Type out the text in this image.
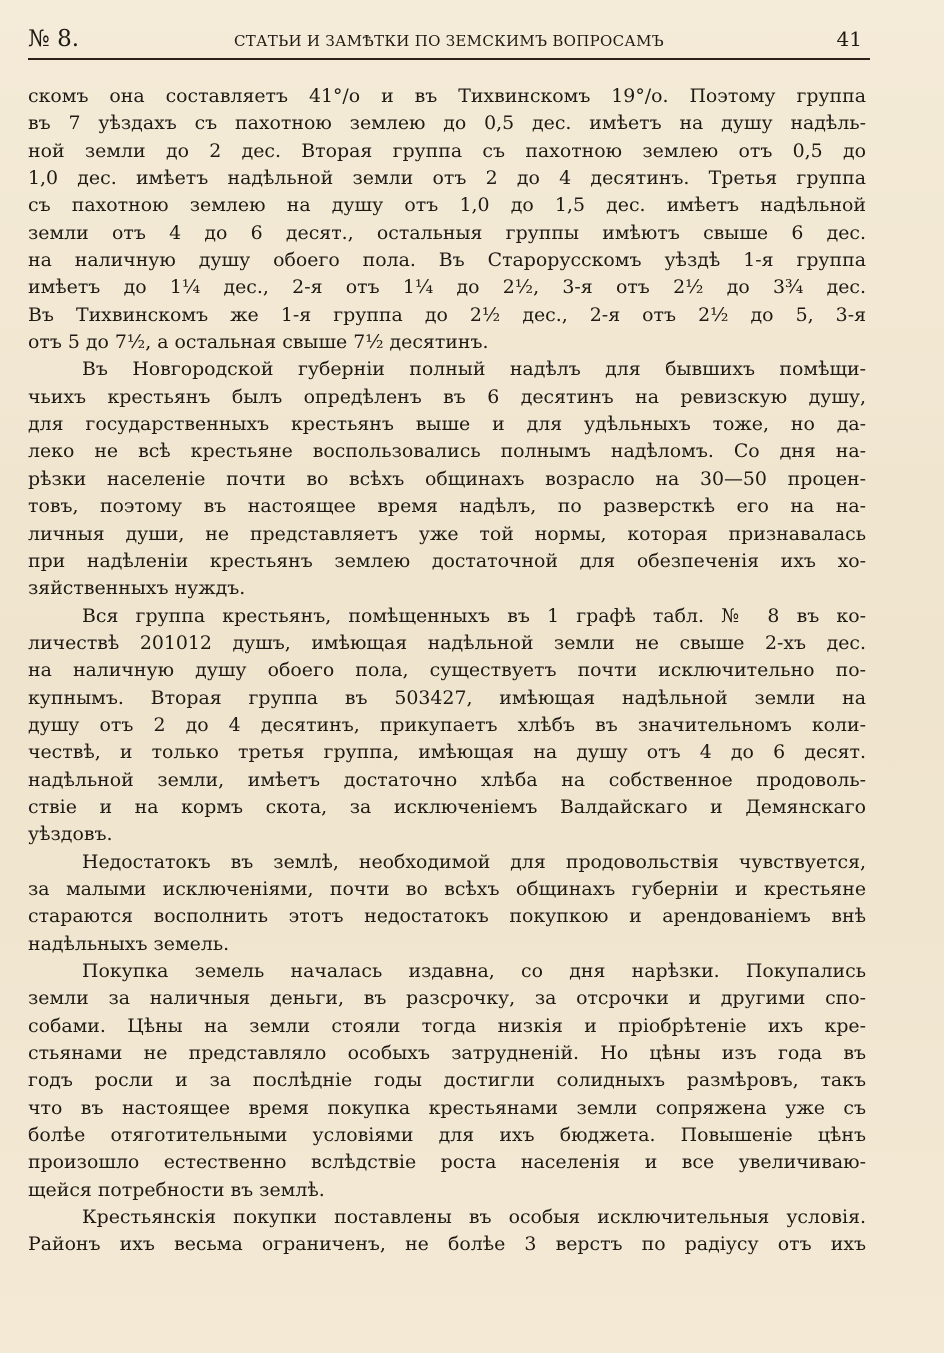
№ 8.	СТАТЬИ И ЗАМѢТКИ ПО ЗЕМСКИМЪ ВОПРОСАМЪ	41
скомъ она составляетъ 41°/о и въ Тихвинскомъ 19°/о. Поэтому группа
въ 7 уѣздахъ съ пахотною землею до 0,5 дес. имѣетъ на душу надѣль-
ной земли до 2 дес. Вторая группа съ пахотною землею отъ 0,5 до
1,0 дес. имѣетъ надѣльной земли отъ 2 до 4 десятинъ. Третья группа
съ пахотною землею на душу отъ 1,0 до 1,5 дес. имѣетъ надѣльной
земли отъ 4 до 6 десят., остальныя группы имѣютъ свыше 6 дес.
на наличную душу обоего пола. Въ Старорусскомъ уѣздѣ 1-я группа
имѣетъ до 1¼ дес., 2-я отъ 1¼ до 2½, 3-я отъ 2½ до 3¾ дес.
Въ Тихвинскомъ же 1-я группа до 2½ дес., 2-я отъ 2½ до 5, 3-я
отъ 5 до 7½, а остальная свыше 7½ десятинъ.
Въ Новгородской губерніи полный надѣлъ для бывшихъ помѣщи-
чьихъ крестьянъ былъ опредѣленъ въ 6 десятинъ на ревизскую душу,
для государственныхъ крестьянъ выше и для удѣльныхъ тоже, но да-
леко не всѣ крестьяне воспользовались полнымъ надѣломъ. Со дня на-
рѣзки населеніе почти во всѣхъ общинахъ возрасло на 30—50 процен-
товъ, поэтому въ настоящее время надѣлъ, по разверсткѣ его на на-
личныя души, не представляетъ уже той нормы, которая признавалась
при надѣленіи крестьянъ землею достаточной для обезпеченія ихъ хо-
зяйственныхъ нуждъ.
Вся группа крестьянъ, помѣщенныхъ въ 1 графѣ табл. № 8 въ ко-
личествѣ 201012 душъ, имѣющая надѣльной земли не свыше 2-хъ дес.
на наличную душу обоего пола, существуетъ почти исключительно по-
купнымъ. Вторая группа въ 503427, имѣющая надѣльной земли на
душу отъ 2 до 4 десятинъ, прикупаетъ хлѣбъ въ значительномъ коли-
чествѣ, и только третья группа, имѣющая на душу отъ 4 до 6 десят.
надѣльной земли, имѣетъ достаточно хлѣба на собственное продоволь-
ствіе и на кормъ скота, за исключеніемъ Валдайскаго и Демянскаго
уѣздовъ.
Недостатокъ въ землѣ, необходимой для продовольствія чувствуется,
за малыми исключеніями, почти во всѣхъ общинахъ губерніи и крестьяне
стараются восполнить этотъ недостатокъ покупкою и арендованіемъ внѣ
надѣльныхъ земель.
Покупка земель началась издавна, со дня нарѣзки. Покупались
земли за наличныя деньги, въ разсрочку, за отсрочки и другими спо-
собами. Цѣны на земли стояли тогда низкія и пріобрѣтеніе ихъ кре-
стьянами не представляло особыхъ затрудненій. Но цѣны изъ года въ
годъ росли и за послѣдніе годы достигли солидныхъ размѣровъ, такъ
что въ настоящее время покупка крестьянами земли сопряжена уже съ
болѣе отяготительными условіями для ихъ бюджета. Повышеніе цѣнъ
произошло естественно вслѣдствіе роста населенія и все увеличиваю-
щейся потребности въ землѣ.
Крестьянскія покупки поставлены въ особыя исключительныя условія.
Районъ ихъ весьма ограниченъ, не болѣе 3 верстъ по радіусу отъ ихъ
